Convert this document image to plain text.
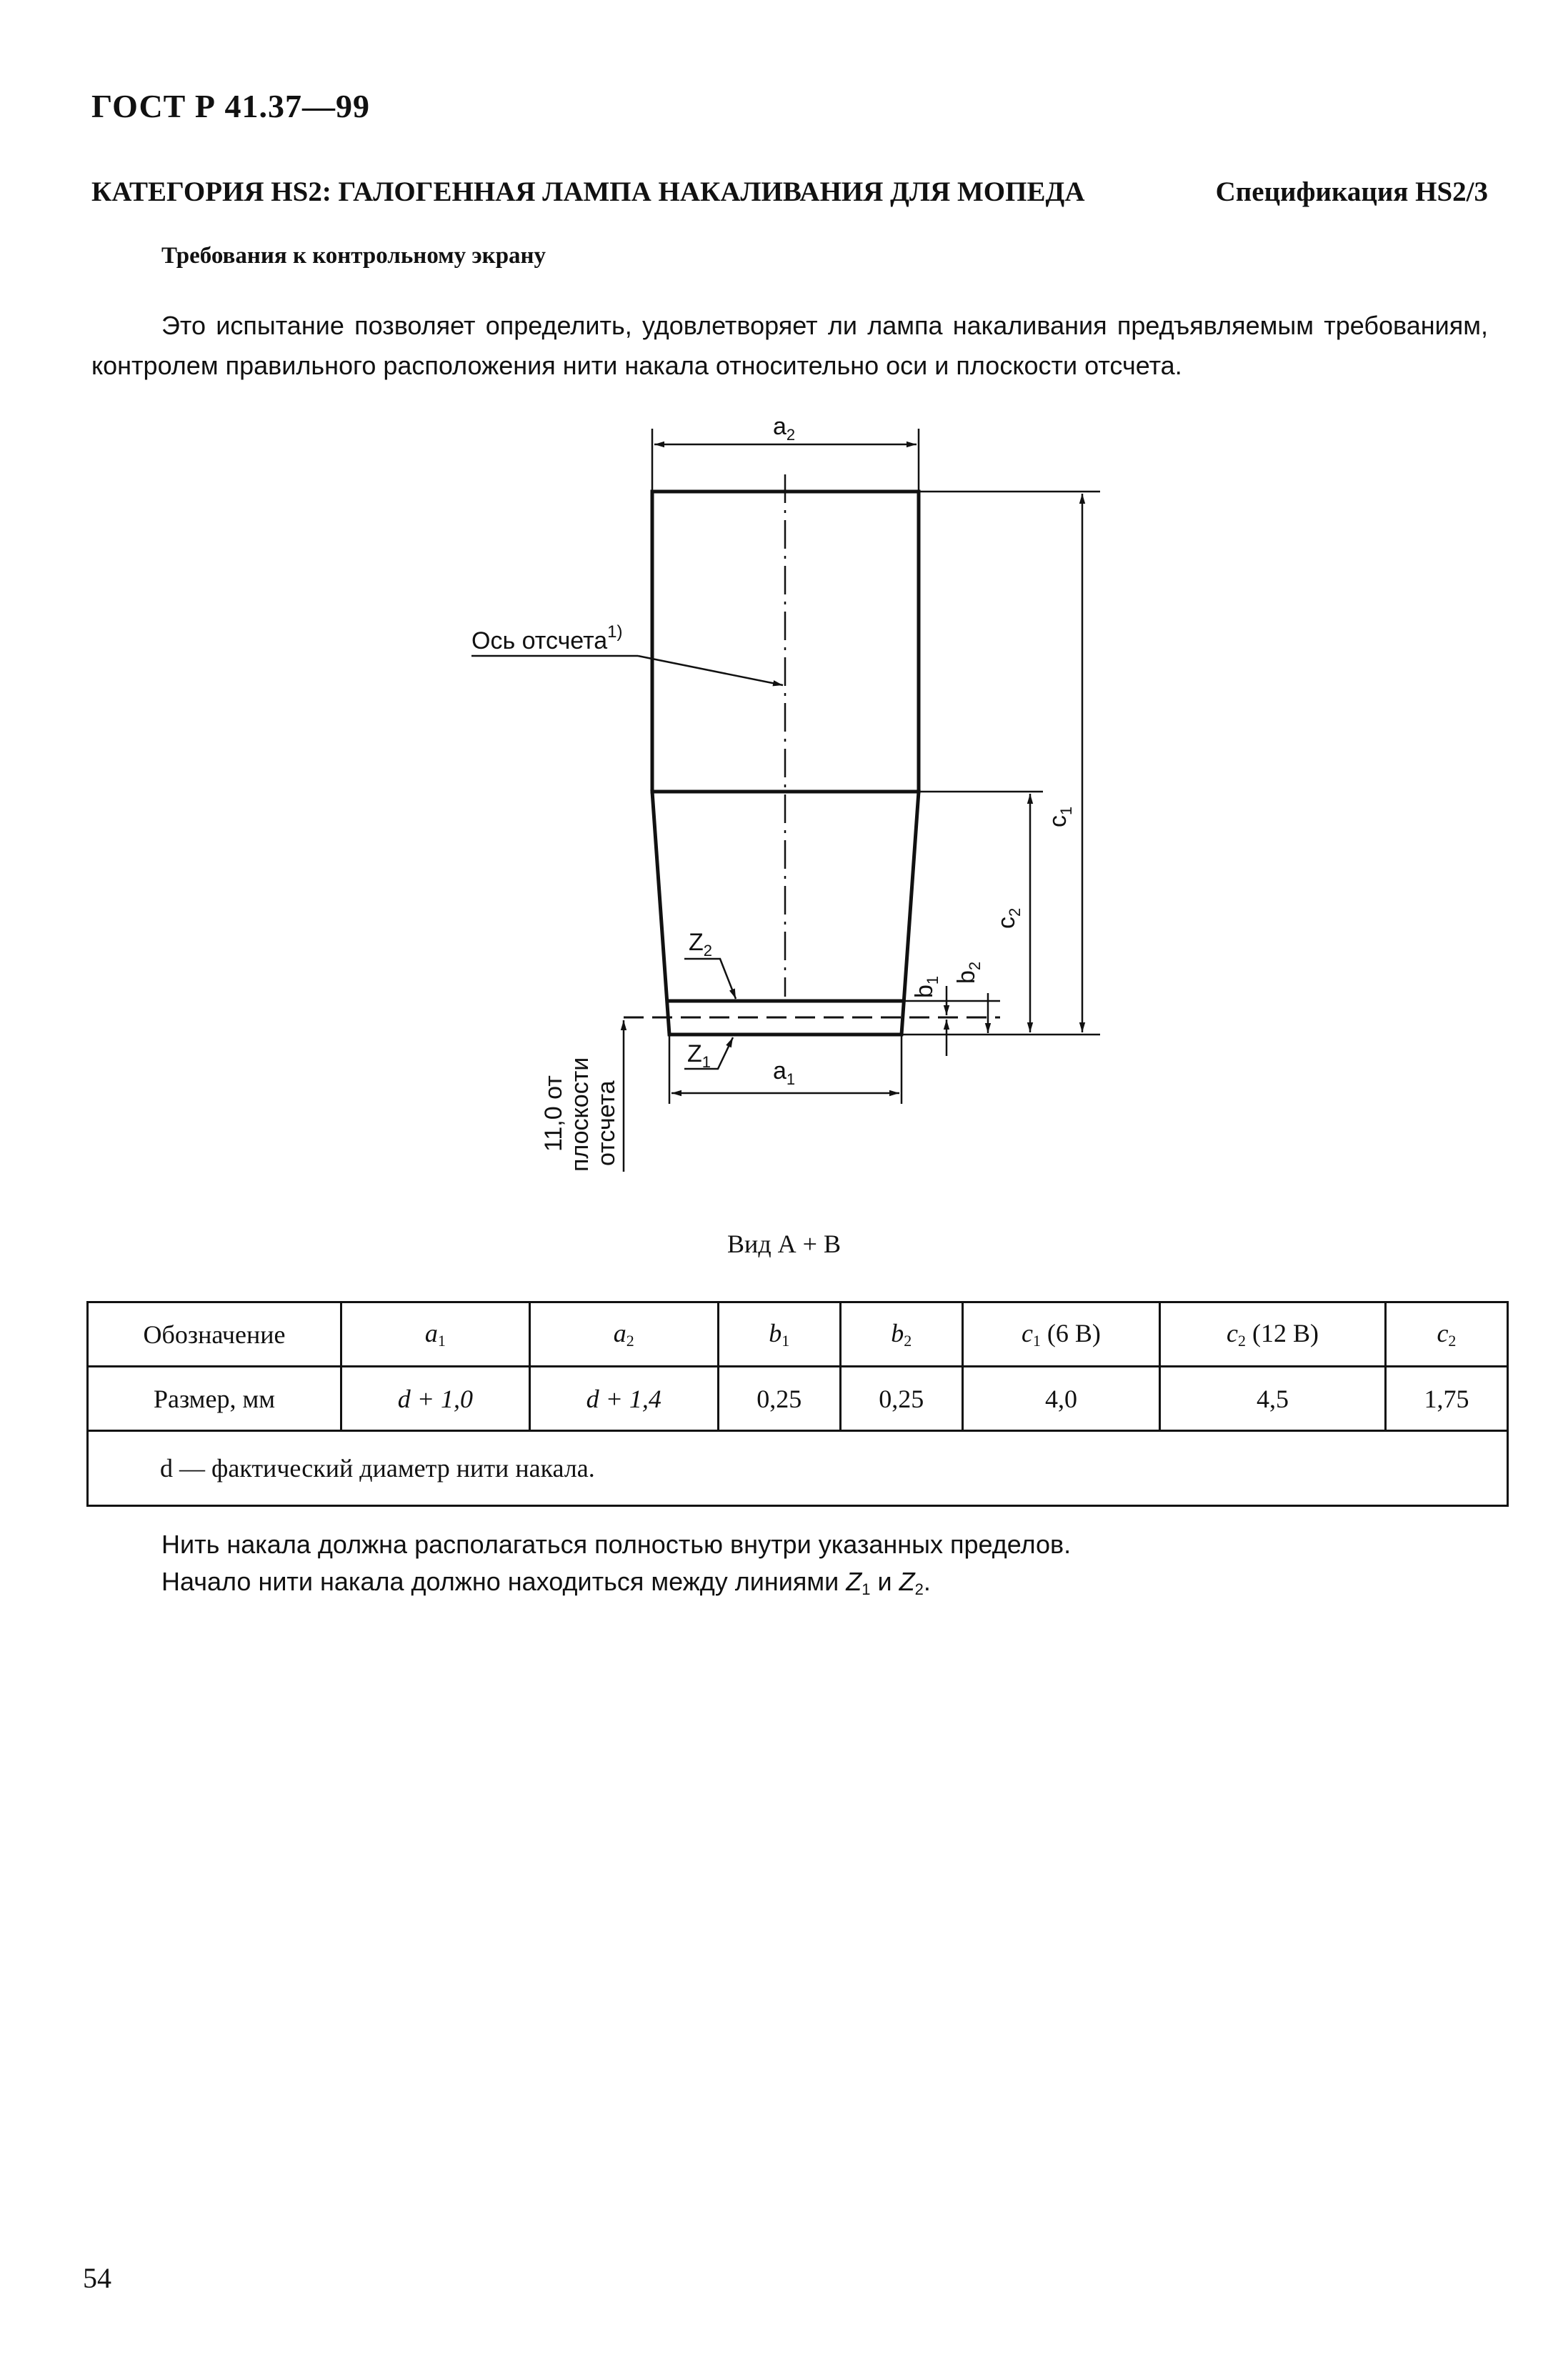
ГОСТ Р 41.37—99
КАТЕГОРИЯ HS2: ГАЛОГЕННАЯ ЛАМПА НАКАЛИВАНИЯ ДЛЯ МОПЕДА	Спецификация HS2/3
Требования к контрольному экрану
Это испытание позволяет определить, удовлетворяет ли лампа накаливания предъявляемым требованиям, контролем правильного расположения нити накала относительно оси и плоскости отсчета.
$a_2$
$a_1$
Ось отсчета$^{1)}$
$Z_2$
$Z_1$
$c_1$
$c_2$
$b_1$ $b_2$
11,0 от плоскости отсчета
Вид А + В
Обозначение	$a_1$	$a_2$	$b_1$	$b_2$	$c_1$ (6 В)	$c_2$ (12 В)	$c_2$
Размер, мм	d + 1,0	d + 1,4	0,25	0,25	4,0	4,5	1,75
d — фактический диаметр нити накала.							
Нить накала должна располагаться полностью внутри указанных пределов.
Начало нити накала должно находиться между линиями $Z_1$ и $Z_2$.
54
